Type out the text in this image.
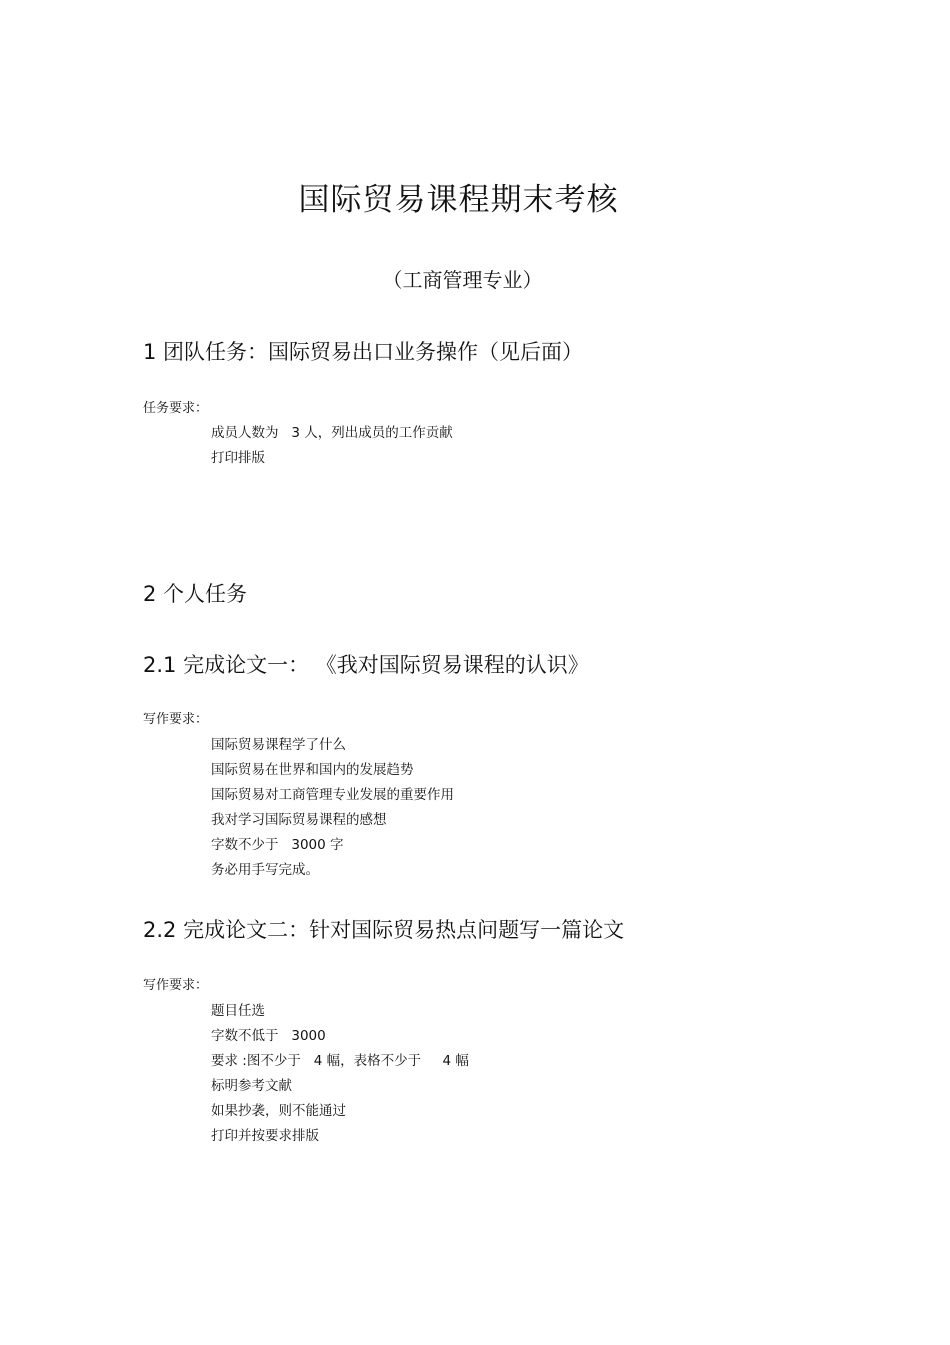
国际贸易课程期末考核
（工商管理专业）
1 团队任务：国际贸易出口业务操作（见后面）
任务要求：
成员人数为   3 人，列出成员的工作贡献
打印排版
2 个人任务
2.1 完成论文一： 《我对国际贸易课程的认识》
写作要求：
国际贸易课程学了什么
国际贸易在世界和国内的发展趋势
国际贸易对工商管理专业发展的重要作用
我对学习国际贸易课程的感想
字数不少于   3000 字
务必用手写完成。
2.2 完成论文二：针对国际贸易热点问题写一篇论文
写作要求：
题目任选
字数不低于   3000
要求 :图不少于   4 幅，表格不少于     4 幅
标明参考文献
如果抄袭，则不能通过
打印并按要求排版
